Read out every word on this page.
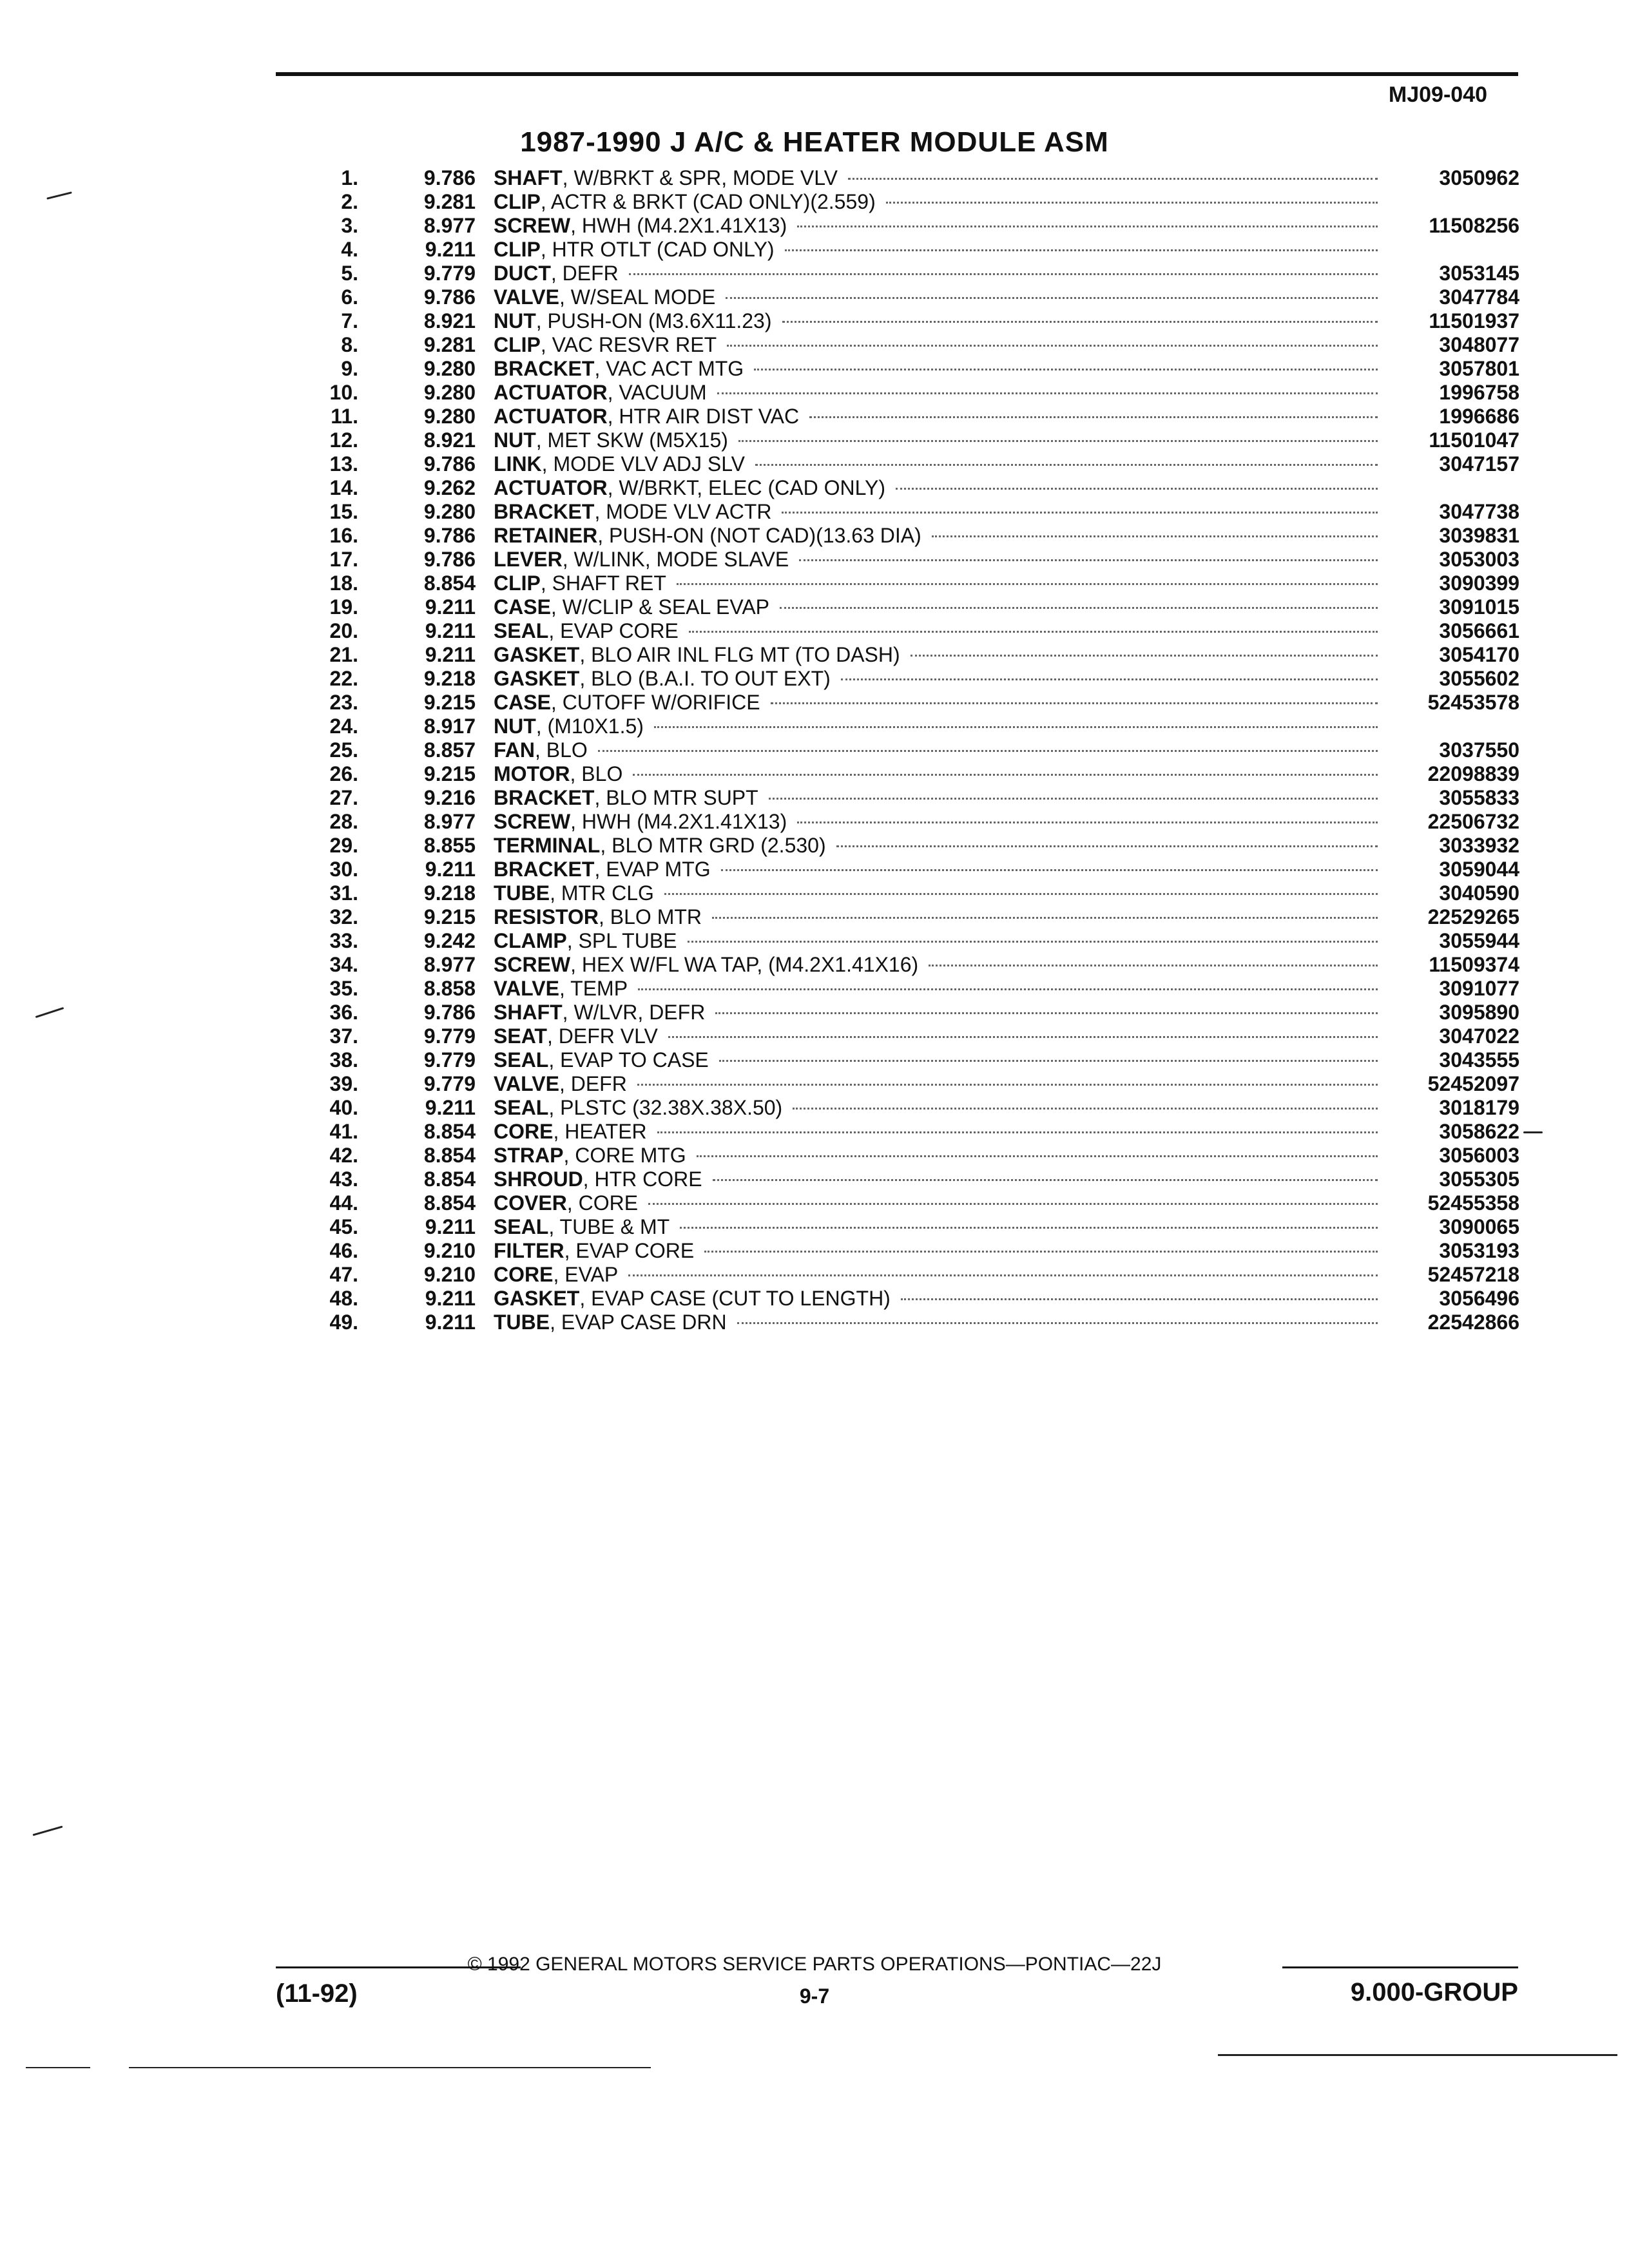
MJ09-040
1987-1990 J A/C & HEATER MODULE ASM
1.	9.786 SHAFT , W/BRKT & SPR, MODE VLV	3050962
2.	9.281 CLIP , ACTR & BRKT (CAD ONLY)(2.559)
3.	8.977 SCREW , HWH (M4.2X1.41X13)	11508256
4.	9.211 CLIP , HTR OTLT (CAD ONLY)
5.	9.779 DUCT , DEFR	3053145
6.	9.786 VALVE , W/SEAL MODE	3047784
7.	8.921 NUT , PUSH-ON (M3.6X11.23)	11501937
8.	9.281 CLIP , VAC RESVR RET	3048077
9.	9.280 BRACKET , VAC ACT MTG	3057801
10.	9.280 ACTUATOR , VACUUM	1996758
11.	9.280 ACTUATOR , HTR AIR DIST VAC	1996686
12.	8.921 NUT , MET SKW (M5X15)	11501047
13.	9.786 LINK , MODE VLV ADJ SLV	3047157
14.	9.262 ACTUATOR , W/BRKT, ELEC (CAD ONLY)
15.	9.280 BRACKET , MODE VLV ACTR	3047738
16.	9.786 RETAINER , PUSH-ON (NOT CAD)(13.63 DIA)	3039831
17.	9.786 LEVER , W/LINK, MODE SLAVE	3053003
18.	8.854 CLIP , SHAFT RET	3090399
19.	9.211 CASE , W/CLIP & SEAL EVAP	3091015
20.	9.211 SEAL , EVAP CORE	3056661
21.	9.211 GASKET , BLO AIR INL FLG MT (TO DASH)	3054170
22.	9.218 GASKET , BLO (B.A.I. TO OUT EXT)	3055602
23.	9.215 CASE , CUTOFF W/ORIFICE	52453578
24.	8.917 NUT , (M10X1.5)
25.	8.857 FAN , BLO	3037550
26.	9.215 MOTOR , BLO	22098839
27.	9.216 BRACKET , BLO MTR SUPT	3055833
28.	8.977 SCREW , HWH (M4.2X1.41X13)	22506732
29.	8.855 TERMINAL , BLO MTR GRD (2.530)	3033932
30.	9.211 BRACKET , EVAP MTG	3059044
31.	9.218 TUBE , MTR CLG	3040590
32.	9.215 RESISTOR , BLO MTR	22529265
33.	9.242 CLAMP , SPL TUBE	3055944
34.	8.977 SCREW , HEX W/FL WA TAP, (M4.2X1.41X16)	11509374
35.	8.858 VALVE , TEMP	3091077
36.	9.786 SHAFT , W/LVR, DEFR	3095890
37.	9.779 SEAT , DEFR VLV	3047022
38.	9.779 SEAL , EVAP TO CASE	3043555
39.	9.779 VALVE , DEFR	52452097
40.	9.211 SEAL , PLSTC (32.38X.38X.50)	3018179
41.	8.854 CORE , HEATER	3058622
42.	8.854 STRAP , CORE MTG	3056003
43.	8.854 SHROUD , HTR CORE	3055305
44.	8.854 COVER , CORE	52455358
45.	9.211 SEAL , TUBE & MT	3090065
46.	9.210 FILTER , EVAP CORE	3053193
47.	9.210 CORE , EVAP	52457218
48.	9.211 GASKET , EVAP CASE (CUT TO LENGTH)	3056496
49.	9.211 TUBE , EVAP CASE DRN	22542866
© 1992 GENERAL MOTORS SERVICE PARTS OPERATIONS—PONTIAC—22J
(11-92)	9-7	9.000-GROUP
